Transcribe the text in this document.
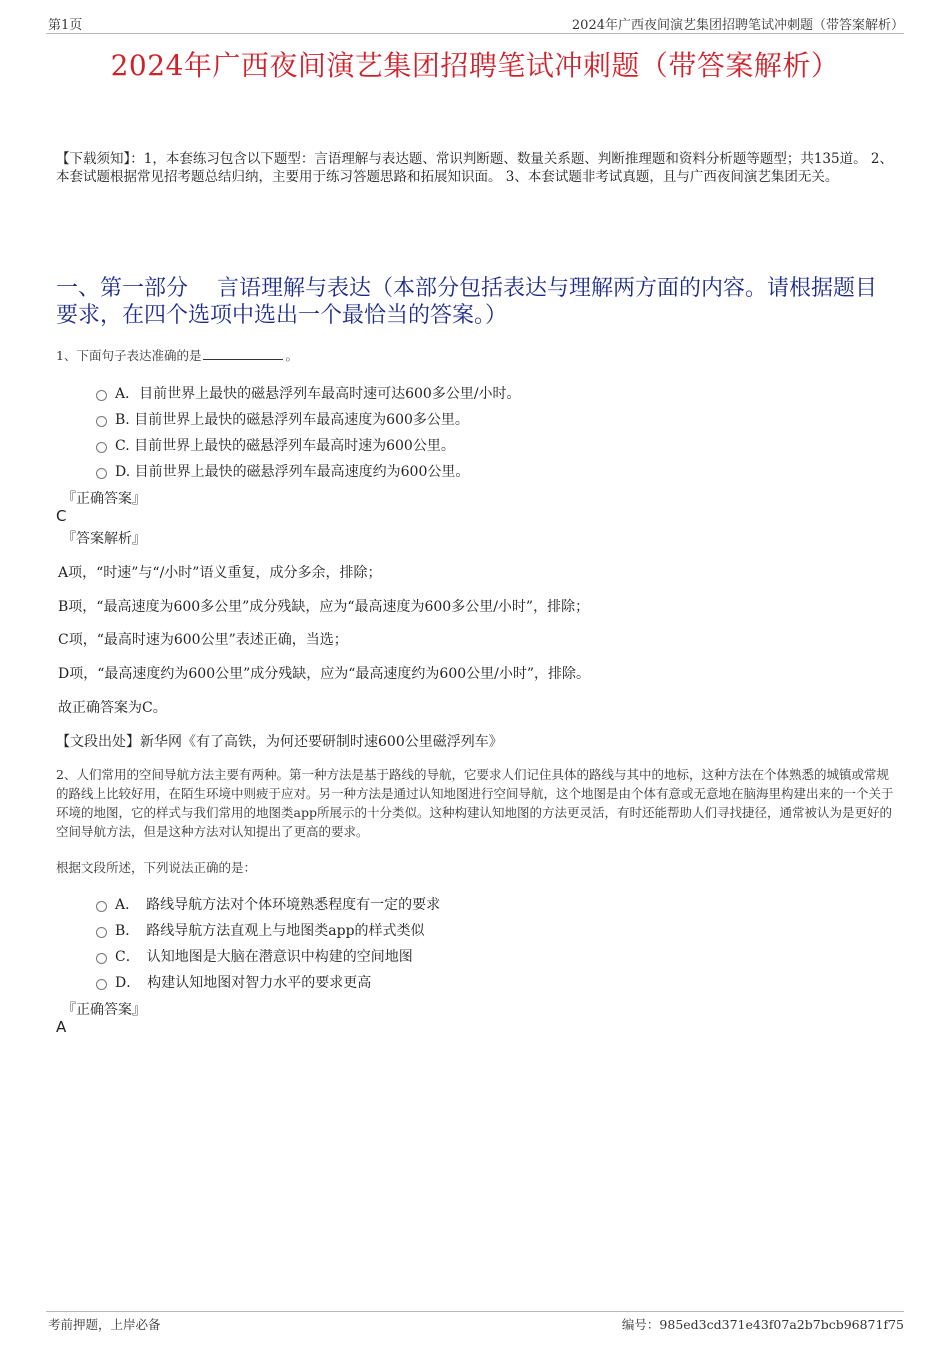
第1页	2024年广西夜间演艺集团招聘笔试冲刺题（带答案解析）
2024年广西夜间演艺集团招聘笔试冲刺题（带答案解析）
【下载须知】：1，本套练习包含以下题型：言语理解与表达题、常识判断题、数量关系题、判断推理题和资料分析题等题型；共135道。 2、本套试题根据常见招考题总结归纳，主要用于练习答题思路和拓展知识面。 3、本套试题非考试真题，且与广西夜间演艺集团无关。
一、第一部分　 言语理解与表达（本部分包括表达与理解两方面的内容。请根据题目要求，在四个选项中选出一个最恰当的答案。）
1、下面句子表达准确的是	。
A．目前世界上最快的磁悬浮列车最高时速可达600多公里/小时。
B. 目前世界上最快的磁悬浮列车最高速度为600多公里。
C. 目前世界上最快的磁悬浮列车最高时速为600公里。
D. 目前世界上最快的磁悬浮列车最高速度约为600公里。
『正确答案』
C
『答案解析』
A项，“时速”与“/小时”语义重复，成分多余，排除；
B项，“最高速度为600多公里”成分残缺，应为“最高速度为600多公里/小时”，排除；
C项，“最高时速为600公里”表述正确，当选；
D项，“最高速度约为600公里”成分残缺，应为“最高速度约为600公里/小时”，排除。
故正确答案为C。
【文段出处】新华网《有了高铁，为何还要研制时速600公里磁浮列车》
2、人们常用的空间导航方法主要有两种。第一种方法是基于路线的导航，它要求人们记住具体的路线与其中的地标，这种方法在个体熟悉的城镇或常规的路线上比较好用，在陌生环境中则疲于应对。另一种方法是通过认知地图进行空间导航，这个地图是由个体有意或无意地在脑海里构建出来的一个关于环境的地图，它的样式与我们常用的地图类app所展示的十分类似。这种构建认知地图的方法更灵活，有时还能帮助人们寻找捷径，通常被认为是更好的空间导航方法，但是这种方法对认知提出了更高的要求。
根据文段所述，下列说法正确的是：
A．　路线导航方法对个体环境熟悉程度有一定的要求
B．　路线导航方法直观上与地图类app的样式类似
C．　认知地图是大脑在潜意识中构建的空间地图
D．　构建认知地图对智力水平的要求更高
『正确答案』
A
考前押题，上岸必备	编号：985ed3cd371e43f07a2b7bcb96871f75
